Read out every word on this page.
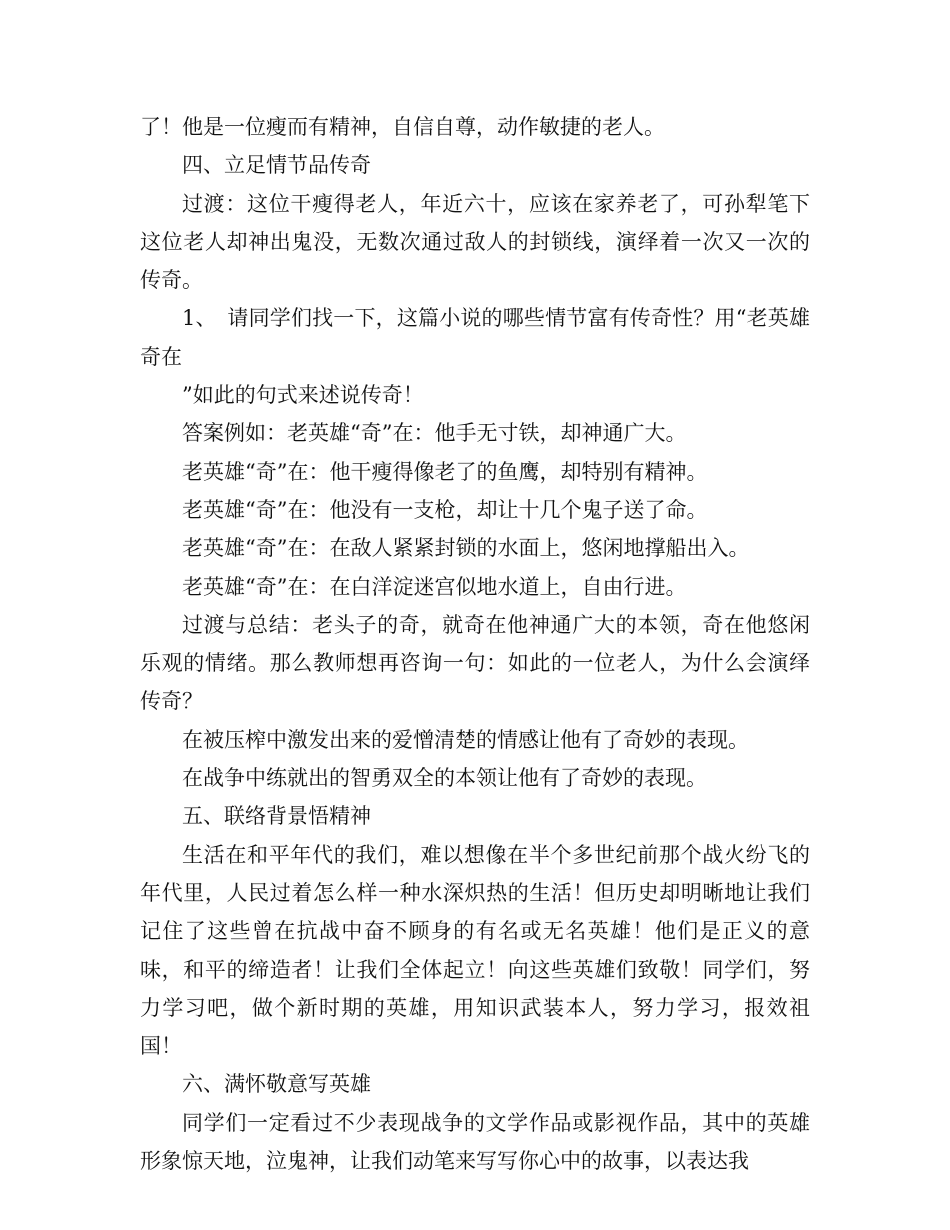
了！他是一位瘦而有精神，自信自尊，动作敏捷的老人。

四、立足情节品传奇

过渡：这位干瘦得老人，年近六十，应该在家养老了，可孙犁笔下这位老人却神出鬼没，无数次通过敌人的封锁线，演绎着一次又一次的传奇。

1、　请同学们找一下，这篇小说的哪些情节富有传奇性？用“老英雄奇在

”如此的句式来述说传奇！

答案例如：老英雄“奇”在：他手无寸铁，却神通广大。

老英雄“奇”在：他干瘦得像老了的鱼鹰，却特别有精神。

老英雄“奇”在：他没有一支枪，却让十几个鬼子送了命。

老英雄“奇”在：在敌人紧紧封锁的水面上，悠闲地撑船出入。

老英雄“奇”在：在白洋淀迷宫似地水道上，自由行进。

过渡与总结：老头子的奇，就奇在他神通广大的本领，奇在他悠闲乐观的情绪。那么教师想再咨询一句：如此的一位老人，为什么会演绎传奇？

在被压榨中激发出来的爱憎清楚的情感让他有了奇妙的表现。

在战争中练就出的智勇双全的本领让他有了奇妙的表现。

五、联络背景悟精神

生活在和平年代的我们，难以想像在半个多世纪前那个战火纷飞的年代里，人民过着怎么样一种水深炽热的生活！但历史却明晰地让我们记住了这些曾在抗战中奋不顾身的有名或无名英雄！他们是正义的意味，和平的缔造者！让我们全体起立！向这些英雄们致敬！同学们，努力学习吧，做个新时期的英雄，用知识武装本人，努力学习，报效祖国！

六、满怀敬意写英雄

同学们一定看过不少表现战争的文学作品或影视作品，其中的英雄形象惊天地，泣鬼神，让我们动笔来写写你心中的故事，以表达我
